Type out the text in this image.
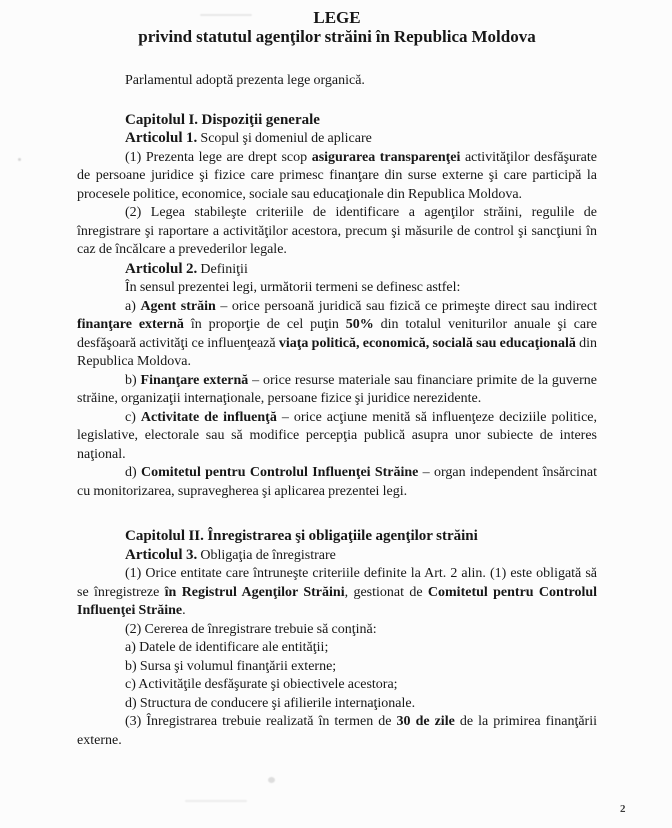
LEGE

privind statutul agenţilor străini în Republica Moldova

Parlamentul adoptă prezenta lege organică.

Capitolul I. Dispoziţii generale

Articolul 1. Scopul şi domeniul de aplicare

(1) Prezenta lege are drept scop asigurarea transparenţei activităţilor desfăşurate de persoane juridice şi fizice care primesc finanţare din surse externe şi care participă la procesele politice, economice, sociale sau educaţionale din Republica Moldova.

(2) Legea stabileşte criteriile de identificare a agenţilor străini, regulile de înregistrare şi raportare a activităţilor acestora, precum şi măsurile de control şi sancţiuni în caz de încălcare a prevederilor legale.

Articolul 2. Definiţii

În sensul prezentei legi, următorii termeni se definesc astfel:

a) Agent străin – orice persoană juridică sau fizică ce primeşte direct sau indirect finanţare externă în proporţie de cel puţin 50% din totalul veniturilor anuale şi care desfăşoară activităţi ce influenţează viaţa politică, economică, socială sau educaţională din Republica Moldova.

b) Finanţare externă – orice resurse materiale sau financiare primite de la guverne străine, organizaţii internaţionale, persoane fizice şi juridice nerezidente.

c) Activitate de influenţă – orice acţiune menită să influenţeze deciziile politice, legislative, electorale sau să modifice percepţia publică asupra unor subiecte de interes naţional.

d) Comitetul pentru Controlul Influenţei Străine – organ independent însărcinat cu monitorizarea, supravegherea şi aplicarea prezentei legi.

Capitolul II. Înregistrarea şi obligaţiile agenţilor străini

Articolul 3. Obligaţia de înregistrare

(1) Orice entitate care întruneşte criteriile definite la Art. 2 alin. (1) este obligată să se înregistreze în Registrul Agenţilor Străini, gestionat de Comitetul pentru Controlul Influenţei Străine.

(2) Cererea de înregistrare trebuie să conţină:

a) Datele de identificare ale entităţii;

b) Sursa şi volumul finanţării externe;

c) Activităţile desfăşurate şi obiectivele acestora;

d) Structura de conducere şi afilierile internaţionale.

(3) Înregistrarea trebuie realizată în termen de 30 de zile de la primirea finanţării externe.

2
